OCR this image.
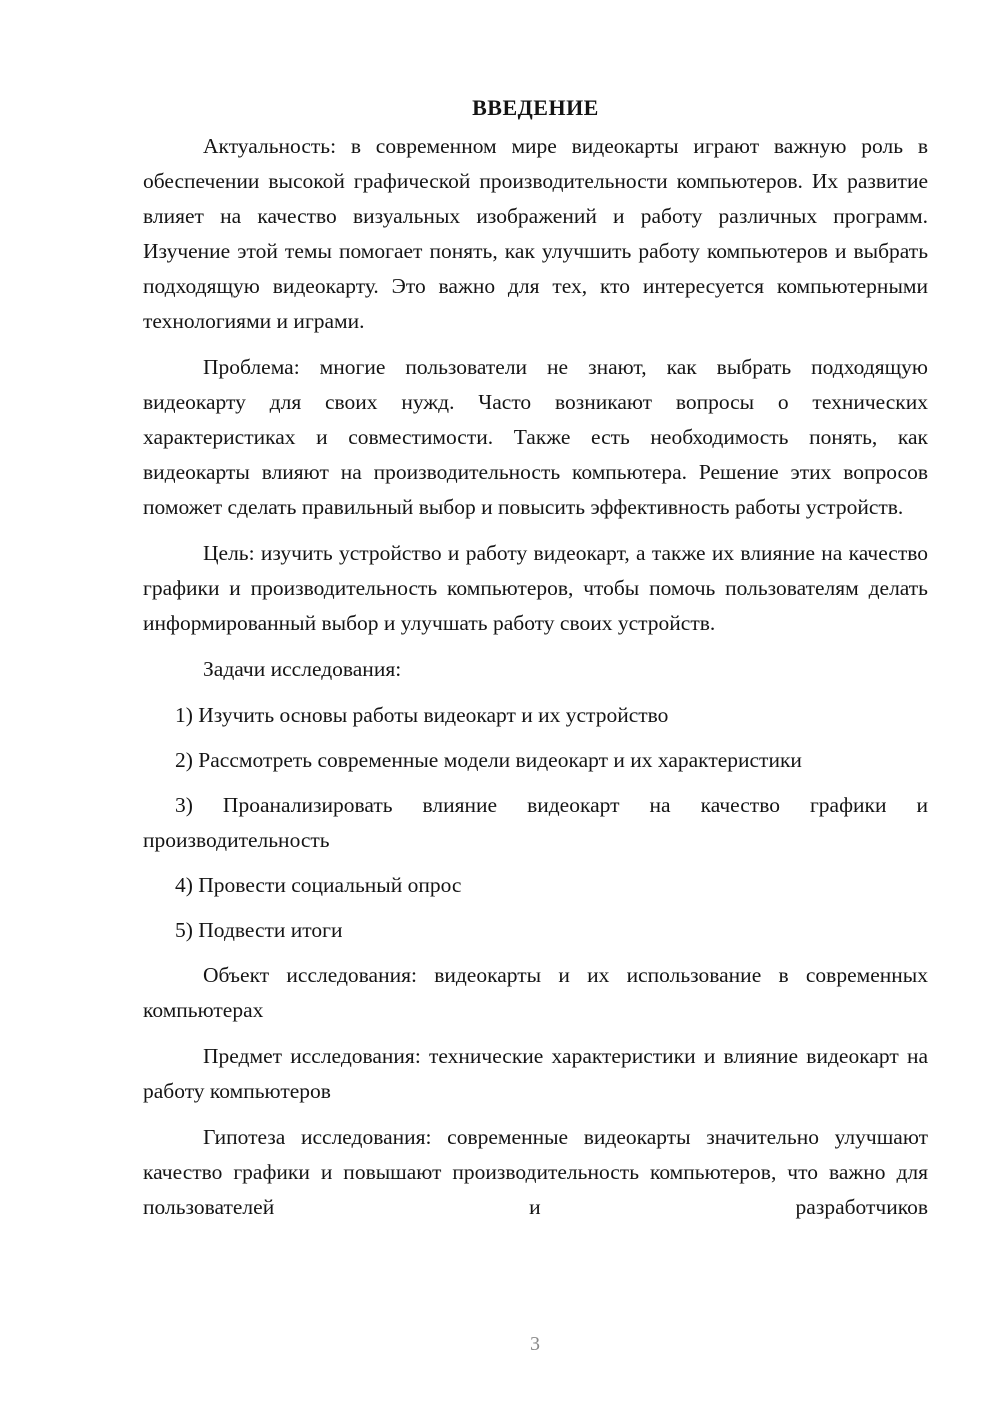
ВВЕДЕНИЕ

Актуальность: в современном мире видеокарты играют важную роль в обеспечении высокой графической производительности компьютеров. Их развитие влияет на качество визуальных изображений и работу различных программ. Изучение этой темы помогает понять, как улучшить работу компьютеров и выбрать подходящую видеокарту. Это важно для тех, кто интересуется компьютерными технологиями и играми.

Проблема: многие пользователи не знают, как выбрать подходящую видеокарту для своих нужд. Часто возникают вопросы о технических характеристиках и совместимости. Также есть необходимость понять, как видеокарты влияют на производительность компьютера. Решение этих вопросов поможет сделать правильный выбор и повысить эффективность работы устройств.

Цель: изучить устройство и работу видеокарт, а также их влияние на качество графики и производительность компьютеров, чтобы помочь пользователям делать информированный выбор и улучшать работу своих устройств.

Задачи исследования:

1) Изучить основы работы видеокарт и их устройство

2) Рассмотреть современные модели видеокарт и их характеристики

3) Проанализировать влияние видеокарт на качество графики и производительность

4) Провести социальный опрос

5) Подвести итоги

Объект исследования: видеокарты и их использование в современных компьютерах

Предмет исследования: технические характеристики и влияние видеокарт на работу компьютеров

Гипотеза исследования: современные видеокарты значительно улучшают качество графики и повышают производительность компьютеров, что важно для пользователей и разработчиков

3
